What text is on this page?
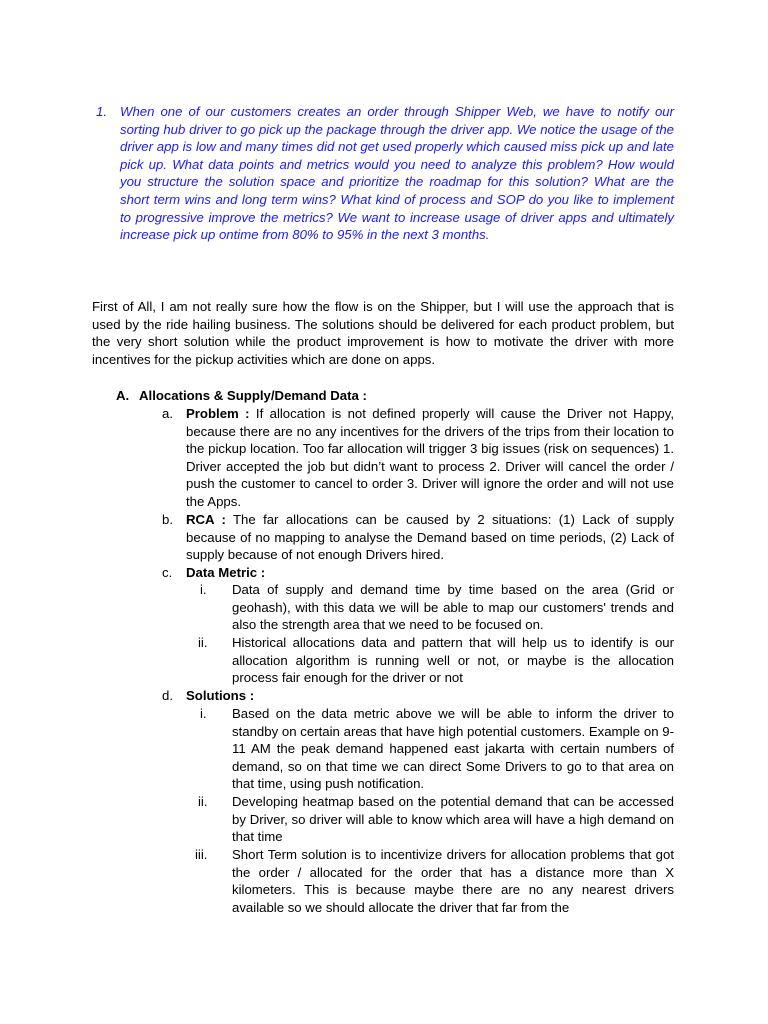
1. When one of our customers creates an order through Shipper Web, we have to notify our sorting hub driver to go pick up the package through the driver app. We notice the usage of the driver app is low and many times did not get used properly which caused miss pick up and late pick up. What data points and metrics would you need to analyze this problem? How would you structure the solution space and prioritize the roadmap for this solution? What are the short term wins and long term wins? What kind of process and SOP do you like to implement to progressive improve the metrics? We want to increase usage of driver apps and ultimately increase pick up ontime from 80% to 95% in the next 3 months.
First of All, I am not really sure how the flow is on the Shipper, but I will use the approach that is used by the ride hailing business. The solutions should be delivered for each product problem, but the very short solution while the product improvement is how to motivate the driver with more incentives for the pickup activities which are done on apps.
A. Allocations & Supply/Demand Data :
a. Problem : If allocation is not defined properly will cause the Driver not Happy, because there are no any incentives for the drivers of the trips from their location to the pickup location. Too far allocation will trigger 3 big issues (risk on sequences) 1. Driver accepted the job but didn’t want to process 2. Driver will cancel the order / push the customer to cancel to order 3. Driver will ignore the order and will not use the Apps.
b. RCA : The far allocations can be caused by 2 situations: (1) Lack of supply because of no mapping to analyse the Demand based on time periods, (2) Lack of supply because of not enough Drivers hired.
c. Data Metric :
i. Data of supply and demand time by time based on the area (Grid or geohash), with this data we will be able to map our customers' trends and also the strength area that we need to be focused on.
ii. Historical allocations data and pattern that will help us to identify is our allocation algorithm is running well or not, or maybe is the allocation process fair enough for the driver or not
d. Solutions :
i. Based on the data metric above we will be able to inform the driver to standby on certain areas that have high potential customers. Example on 9-11 AM the peak demand happened east jakarta with certain numbers of demand, so on that time we can direct Some Drivers to go to that area on that time, using push notification.
ii. Developing heatmap based on the potential demand that can be accessed by Driver, so driver will able to know which area will have a high demand on that time
iii. Short Term solution is to incentivize drivers for allocation problems that got the order / allocated for the order that has a distance more than X kilometers. This is because maybe there are no any nearest drivers available so we should allocate the driver that far from the
